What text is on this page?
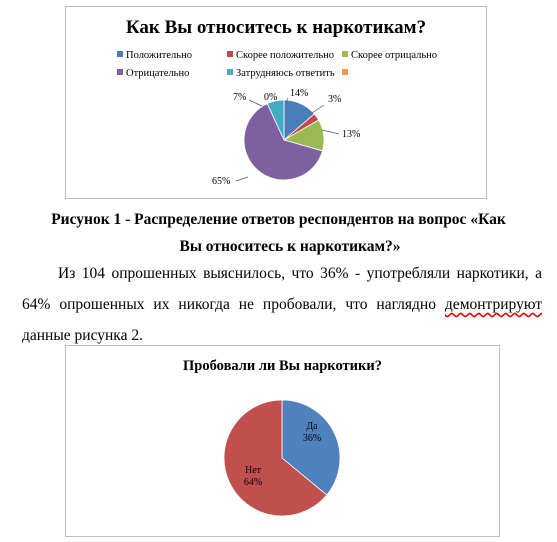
Как Вы относитесь к наркотикам?
Положительно	Скорее положительно	Скорее отрицально
Отрицательно	Затрудняюсь ответить
14%
3%
13%
65%
7% 0%
Рисунок 1 - Распределение ответов респондентов на вопрос «Как
Вы относитесь к наркотикам?»
Из 104 опрошенных выяснилось, что 36% - употребляли наркотики, а
64% опрошенных их никогда не пробовали, что наглядно демонтрируют
данные рисунка 2.
Пробовали ли Вы наркотики?
Да
36%
Нет
64%
